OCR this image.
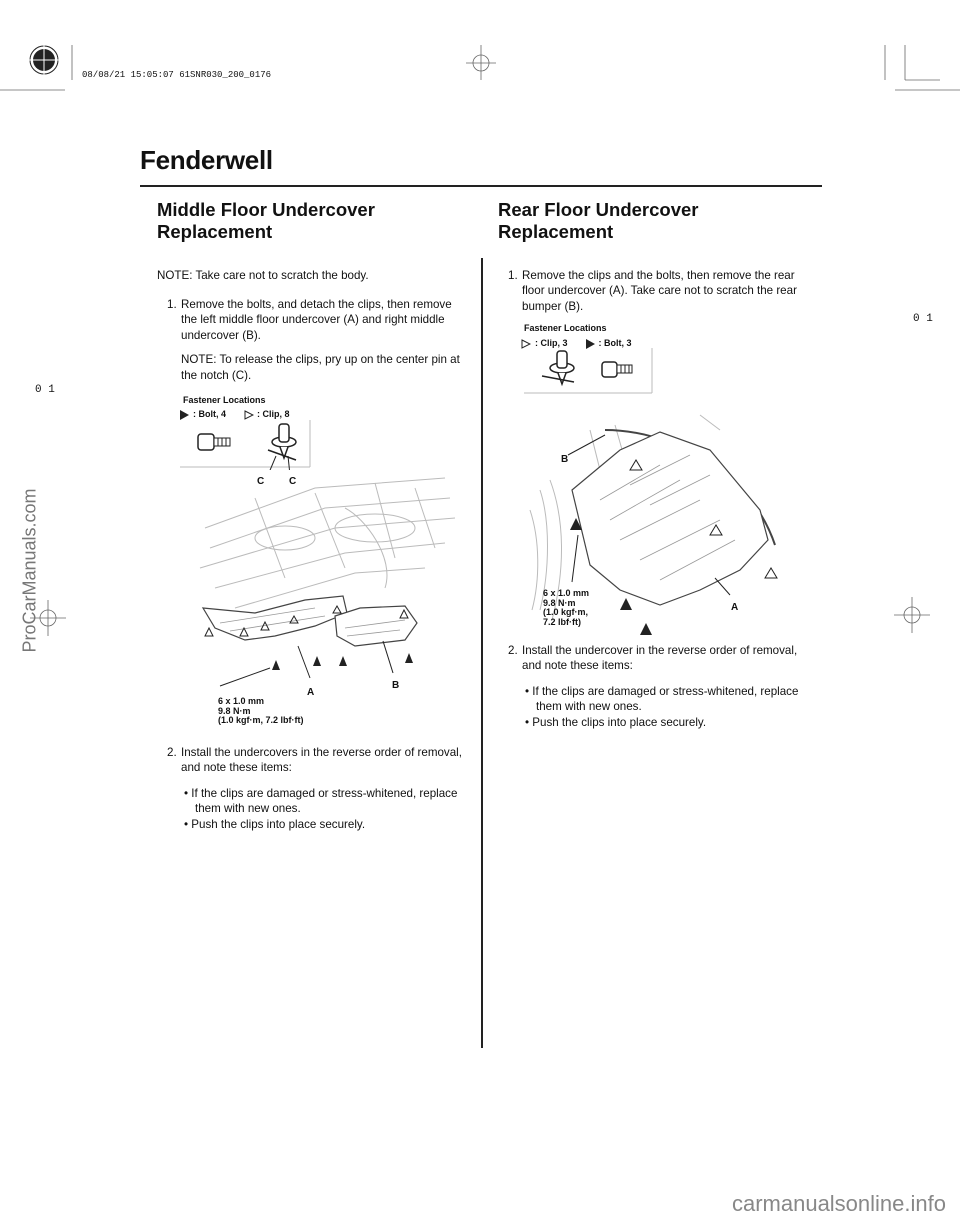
08/08/21 15:05:07 61SNR030_200_0176
0 1
0 1
ProCarManuals.com
Fenderwell
Middle Floor Undercover
Replacement
NOTE: Take care not to scratch the body.
1. Remove the bolts, and detach the clips, then remove the left middle floor undercover (A) and right middle undercover (B).
NOTE: To release the clips, pry up on the center pin at the notch (C).
Fastener Locations
: Bolt, 4	: Clip, 8
C C
A
B
6 x 1.0 mm
9.8 N·m
(1.0 kgf·m, 7.2 lbf·ft)
2. Install the undercovers in the reverse order of removal, and note these items:
• If the clips are damaged or stress-whitened, replace them with new ones.
• Push the clips into place securely.
Rear Floor Undercover
Replacement
1. Remove the clips and the bolts, then remove the rear floor undercover (A). Take care not to scratch the rear bumper (B).
Fastener Locations
: Clip, 3	: Bolt, 3
B
A
6 x 1.0 mm
9.8 N·m
(1.0 kgf·m,
7.2 lbf·ft)
2. Install the undercover in the reverse order of removal, and note these items:
• If the clips are damaged or stress-whitened, replace them with new ones.
• Push the clips into place securely.
carmanualsonline.info
